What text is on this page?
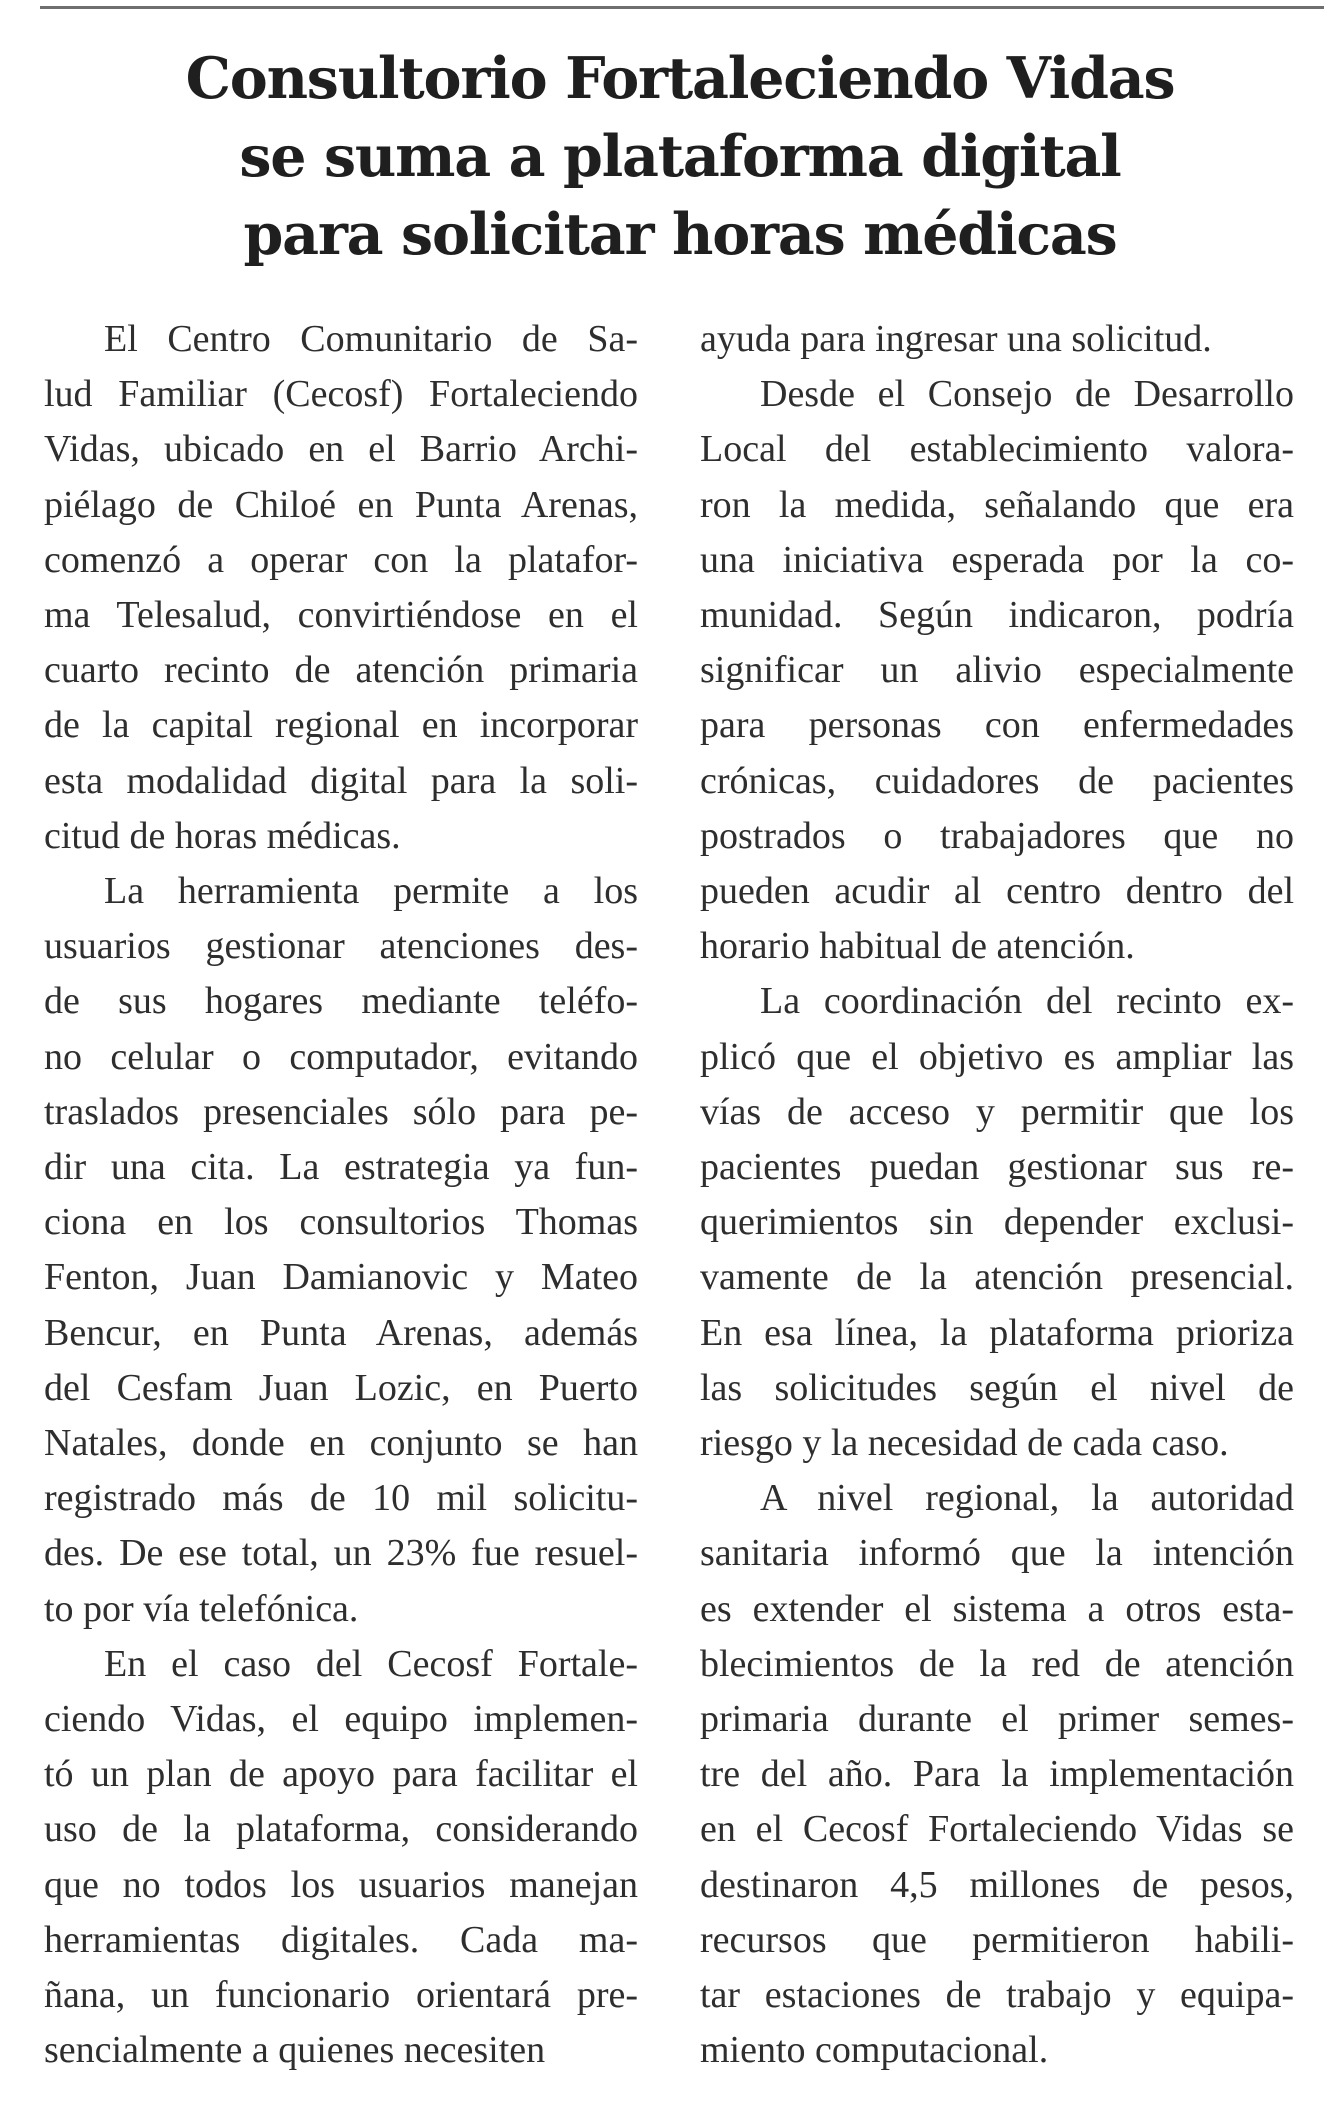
Consultorio Fortaleciendo Vidas
se suma a plataforma digital
para solicitar horas médicas

El Centro Comunitario de Sa-
lud Familiar (Cecosf) Fortaleciendo
Vidas, ubicado en el Barrio Archi-
piélago de Chiloé en Punta Arenas,
comenzó a operar con la platafor-
ma Telesalud, convirtiéndose en el
cuarto recinto de atención primaria
de la capital regional en incorporar
esta modalidad digital para la soli-
citud de horas médicas.

La herramienta permite a los
usuarios gestionar atenciones des-
de sus hogares mediante teléfo-
no celular o computador, evitando
traslados presenciales sólo para pe-
dir una cita. La estrategia ya fun-
ciona en los consultorios Thomas
Fenton, Juan Damianovic y Mateo
Bencur, en Punta Arenas, además
del Cesfam Juan Lozic, en Puerto
Natales, donde en conjunto se han
registrado más de 10 mil solicitu-
des. De ese total, un 23% fue resuel-
to por vía telefónica.

En el caso del Cecosf Fortale-
ciendo Vidas, el equipo implemen-
tó un plan de apoyo para facilitar el
uso de la plataforma, considerando
que no todos los usuarios manejan
herramientas digitales. Cada ma-
ñana, un funcionario orientará pre-
sencialmente a quienes necesiten

ayuda para ingresar una solicitud.

Desde el Consejo de Desarrollo
Local del establecimiento valora-
ron la medida, señalando que era
una iniciativa esperada por la co-
munidad. Según indicaron, podría
significar un alivio especialmente
para personas con enfermedades
crónicas, cuidadores de pacientes
postrados o trabajadores que no
pueden acudir al centro dentro del
horario habitual de atención.

La coordinación del recinto ex-
plicó que el objetivo es ampliar las
vías de acceso y permitir que los
pacientes puedan gestionar sus re-
querimientos sin depender exclusi-
vamente de la atención presencial.
En esa línea, la plataforma prioriza
las solicitudes según el nivel de
riesgo y la necesidad de cada caso.

A nivel regional, la autoridad
sanitaria informó que la intención
es extender el sistema a otros esta-
blecimientos de la red de atención
primaria durante el primer semes-
tre del año. Para la implementación
en el Cecosf Fortaleciendo Vidas se
destinaron 4,5 millones de pesos,
recursos que permitieron habili-
tar estaciones de trabajo y equipa-
miento computacional.
